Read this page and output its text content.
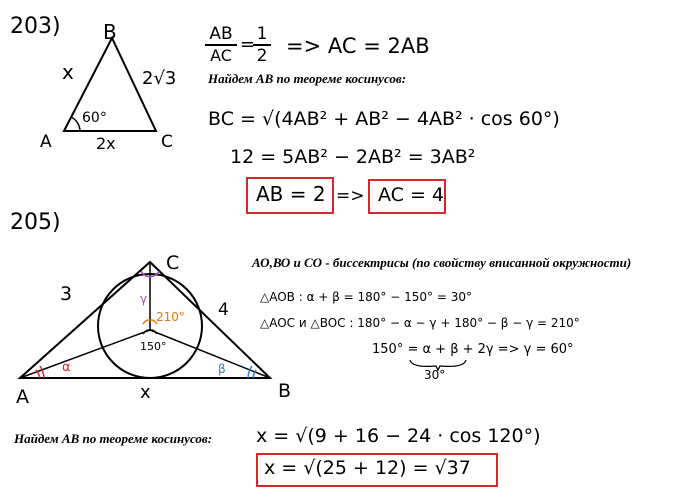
203) B
A	C
x	2√3
2x
60°
$\frac{AB}{AC}$ =
$\frac{1}{2}$ => AC = 2AB
Найдем АВ по теореме косинусов:
BC = √(4AB² + AB² − 4AB² · cos 60°)
12 = 5AB² − 2AB² = 3AB²
AB = 2 => AC = 4
205)
A	B
C
3
4
x
α	β
γ
210°
150°
АО,ВО и СО - биссектрисы (по свойству вписанной окружности)
△AOB : α + β = 180° − 150° = 30°
△AOC и △BOC : 180° − α − γ + 180° − β − γ = 210°
150° = α + β + 2γ => γ = 60°
30°
Найдем АВ по теореме косинусов: x = √(9 + 16 − 24 · cos 120°)
x = √(25 + 12) = √37
